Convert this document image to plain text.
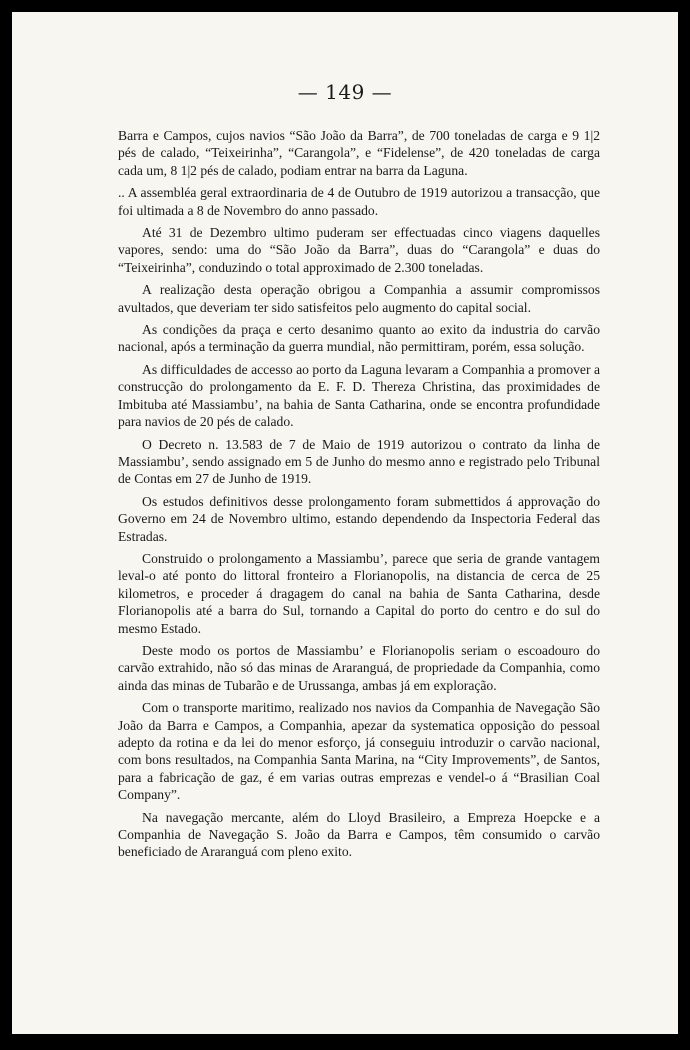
— 149 —

Barra e Campos, cujos navios “São João da Barra”, de 700 toneladas de carga e 9 1|2 pés de calado, “Teixeirinha”, “Carangola”, e “Fidelense”, de 420 toneladas de carga cada um, 8 1|2 pés de calado, podiam entrar na barra da Laguna.

.. A assembléa geral extraordinaria de 4 de Outubro de 1919 autorizou a transacção, que foi ultimada a 8 de Novembro do anno passado.

Até 31 de Dezembro ultimo puderam ser effectuadas cinco viagens daquelles vapores, sendo: uma do “São João da Barra”, duas do “Carangola” e duas do “Teixeirinha”, conduzindo o total approximado de 2.300 toneladas.

A realização desta operação obrigou a Companhia a assumir compromissos avultados, que deveriam ter sido satisfeitos pelo augmento do capital social.

As condições da praça e certo desanimo quanto ao exito da industria do carvão nacional, após a terminação da guerra mundial, não permittiram, porém, essa solução.

As difficuldades de accesso ao porto da Laguna levaram a Companhia a promover a construcção do prolongamento da E. F. D. Thereza Christina, das proximidades de Imbituba até Massiambu’, na bahia de Santa Catharina, onde se encontra profundidade para navios de 20 pés de calado.

O Decreto n. 13.583 de 7 de Maio de 1919 autorizou o contrato da linha de Massiambu’, sendo assignado em 5 de Junho do mesmo anno e registrado pelo Tribunal de Contas em 27 de Junho de 1919.

Os estudos definitivos desse prolongamento foram submettidos á approvação do Governo em 24 de Novembro ultimo, estando dependendo da Inspectoria Federal das Estradas.

Construido o prolongamento a Massiambu’, parece que seria de grande vantagem leval-o até ponto do littoral fronteiro a Florianopolis, na distancia de cerca de 25 kilometros, e proceder á dragagem do canal na bahia de Santa Catharina, desde Florianopolis até a barra do Sul, tornando a Capital do porto do centro e do sul do mesmo Estado.

Deste modo os portos de Massiambu’ e Florianopolis seriam o escoadouro do carvão extrahido, não só das minas de Araranguá, de propriedade da Companhia, como ainda das minas de Tubarão e de Urussanga, ambas já em exploração.

Com o transporte maritimo, realizado nos navios da Companhia de Navegação São João da Barra e Campos, a Companhia, apezar da systematica opposição do pessoal adepto da rotina e da lei do menor esforço, já conseguiu introduzir o carvão nacional, com bons resultados, na Companhia Santa Marina, na “City Improvements”, de Santos, para a fabricação de gaz, é em varias outras emprezas e vendel-o á “Brasilian Coal Company”.

Na navegação mercante, além do Lloyd Brasileiro, a Empreza Hoepcke e a Companhia de Navegação S. João da Barra e Campos, têm consumido o carvão beneficiado de Araranguá com pleno exito.
